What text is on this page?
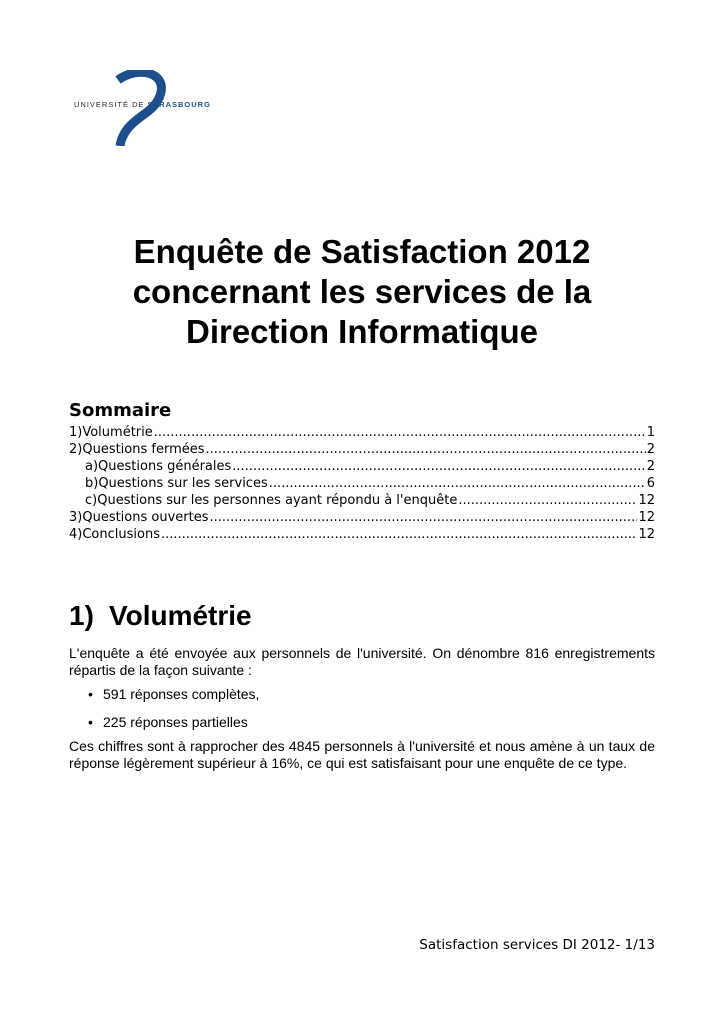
UNIVERSITÉ DE STRASBOURG
Enquête de Satisfaction 2012
concernant les services de la
Direction Informatique
Sommaire
1) Volumétrie .....	1
2) Questions fermées .....	2
a) Questions générales .....	2
b) Questions sur les services .....	6
c) Questions sur les personnes ayant répondu à l'enquête .....	12
3) Questions ouvertes .....	12
4) Conclusions .....	12
1) Volumétrie
L'enquête a été envoyée aux personnels de l'université. On dénombre 816 enregistrements répartis de la façon suivante :
• 591 réponses complètes,
• 225 réponses partielles
Ces chiffres sont à rapprocher des 4845 personnels à l'université et nous amène à un taux de réponse légèrement supérieur à 16%, ce qui est satisfaisant pour une enquête de ce type.
Satisfaction services DI 2012- 1/13
